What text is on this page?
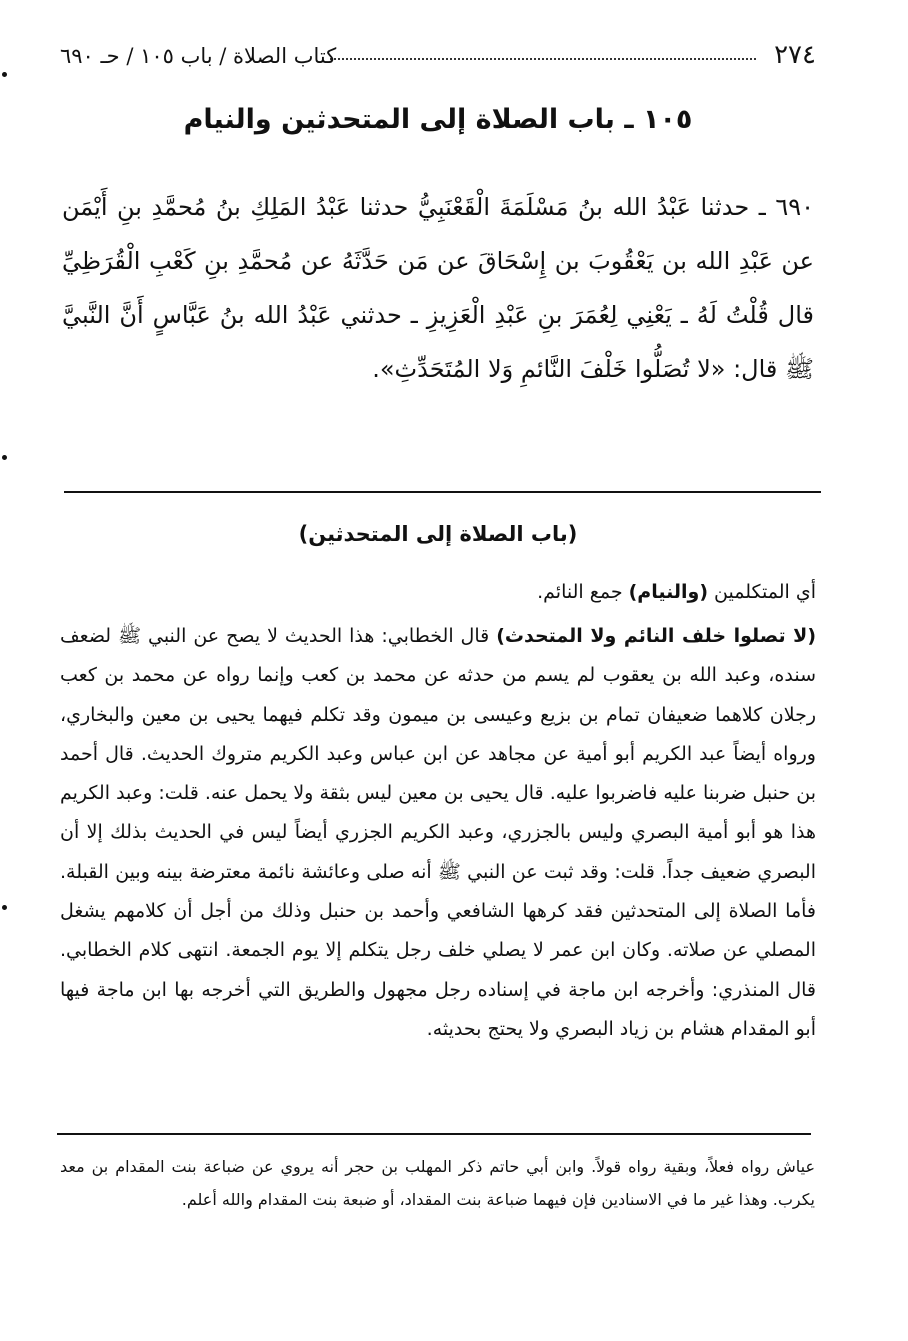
٢٧٤
كتاب الصلاة / باب ١٠٥ / حـ ٦٩٠
١٠٥ ـ باب الصلاة إلى المتحدثين والنيام
٦٩٠ ـ حدثنا عَبْدُ الله بنُ مَسْلَمَةَ الْقَعْنَبِيُّ حدثنا عَبْدُ المَلِكِ بنُ مُحمَّدِ بنِ أَيْمَن عن عَبْدِ الله بن يَعْقُوبَ بن إِسْحَاقَ عن مَن حَدَّثَهُ عن مُحمَّدِ بنِ كَعْبِ الْقُرَظِيِّ قال قُلْتُ لَهُ ـ يَعْنِي لِعُمَرَ بنِ عَبْدِ الْعَزِيزِ ـ حدثني عَبْدُ الله بنُ عَبَّاسٍ أَنَّ النَّبيَّ ﷺ قال: «لا تُصَلُّوا خَلْفَ النَّائمِ وَلا المُتَحَدِّثِ».
(باب الصلاة إلى المتحدثين)
أي المتكلمين (والنيام) جمع النائم.
(لا تصلوا خلف النائم ولا المتحدث) قال الخطابي: هذا الحديث لا يصح عن النبي ﷺ لضعف سنده، وعبد الله بن يعقوب لم يسم من حدثه عن محمد بن كعب وإنما رواه عن محمد بن كعب رجلان كلاهما ضعيفان تمام بن بزيع وعيسى بن ميمون وقد تكلم فيهما يحيى بن معين والبخاري، ورواه أيضاً عبد الكريم أبو أمية عن مجاهد عن ابن عباس وعبد الكريم متروك الحديث. قال أحمد بن حنبل ضربنا عليه فاضربوا عليه. قال يحيى بن معين ليس بثقة ولا يحمل عنه. قلت: وعبد الكريم هذا هو أبو أمية البصري وليس بالجزري، وعبد الكريم الجزري أيضاً ليس في الحديث بذلك إلا أن البصري ضعيف جداً. قلت: وقد ثبت عن النبي ﷺ أنه صلى وعائشة نائمة معترضة بينه وبين القبلة. فأما الصلاة إلى المتحدثين فقد كرهها الشافعي وأحمد بن حنبل وذلك من أجل أن كلامهم يشغل المصلي عن صلاته. وكان ابن عمر لا يصلي خلف رجل يتكلم إلا يوم الجمعة. انتهى كلام الخطابي. قال المنذري: وأخرجه ابن ماجة في إسناده رجل مجهول والطريق التي أخرجه بها ابن ماجة فيها أبو المقدام هشام بن زياد البصري ولا يحتج بحديثه.
عياش رواه فعلاً، وبقية رواه قولاً. وابن أبي حاتم ذكر المهلب بن حجر أنه يروي عن ضباعة بنت المقدام بن معد يكرب. وهذا غير ما في الاسنادين فإن فيهما ضباعة بنت المقداد، أو ضبعة بنت المقدام والله أعلم.
